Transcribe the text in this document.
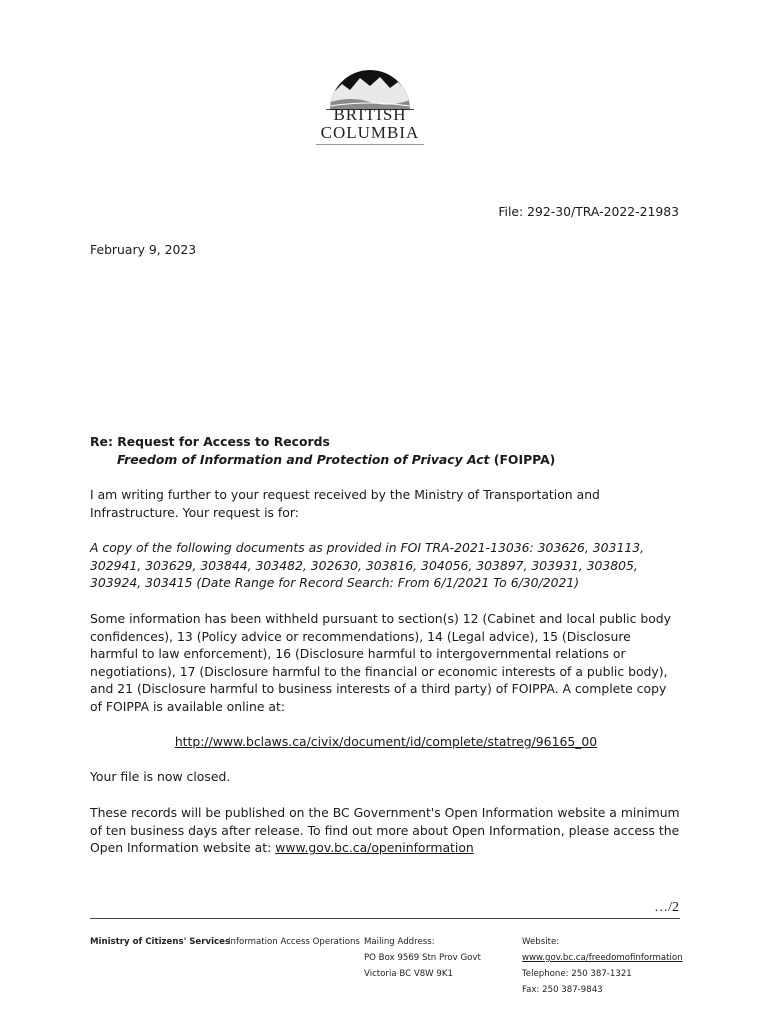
BRITISH
COLUMBIA
File: 292-30/TRA-2022-21983
February 9, 2023
Re: Request for Access to Records
Freedom of Information and Protection of Privacy Act (FOIPPA)
I am writing further to your request received by the Ministry of Transportation and Infrastructure. Your request is for:
A copy of the following documents as provided in FOI TRA-2021-13036: 303626, 303113, 302941, 303629, 303844, 303482, 302630, 303816, 304056, 303897, 303931, 303805, 303924, 303415 (Date Range for Record Search: From 6/1/2021 To 6/30/2021)
Some information has been withheld pursuant to section(s) 12 (Cabinet and local public body confidences), 13 (Policy advice or recommendations), 14 (Legal advice), 15 (Disclosure harmful to law enforcement), 16 (Disclosure harmful to intergovernmental relations or negotiations), 17 (Disclosure harmful to the financial or economic interests of a public body), and 21 (Disclosure harmful to business interests of a third party) of FOIPPA. A complete copy of FOIPPA is available online at:
http://www.bclaws.ca/civix/document/id/complete/statreg/96165_00
Your file is now closed.
These records will be published on the BC Government's Open Information website a minimum of ten business days after release. To find out more about Open Information, please access the Open Information website at: www.gov.bc.ca/openinformation
…/2
Ministry of Citizens' Services
Information Access Operations Mailing Address:
PO Box 9569 Stn Prov Govt
Victoria BC V8W 9K1
Website:
www.gov.bc.ca/freedomofinformation
Telephone: 250 387-1321
Fax: 250 387-9843
